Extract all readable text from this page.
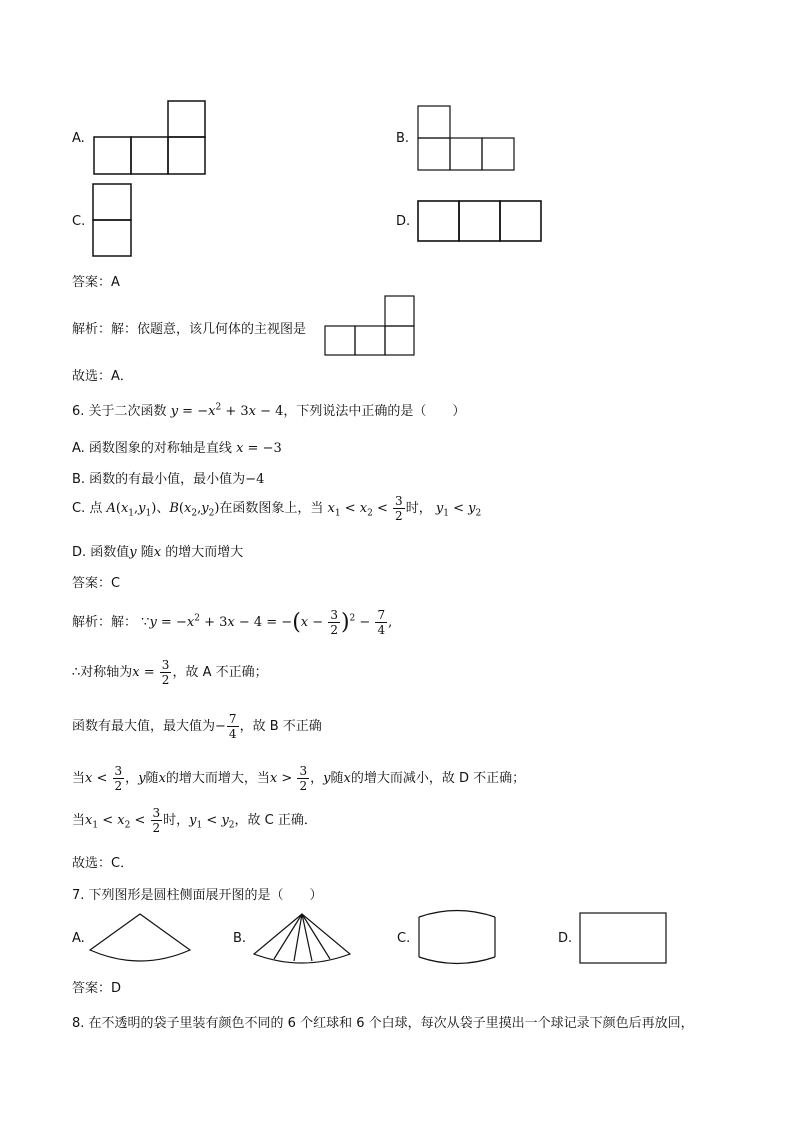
A.	B.
C.	D.
答案：A
解析：解：依题意，该几何体的主视图是
故选：A．
6. 关于二次函数 $y = -x^2 + 3x - 4$，下列说法中正确的是（　　）
A. 函数图象的对称轴是直线 x = −3
B. 函数的有最小值，最小值为−4
C. 点 $A(x_1,y_1)$、$B(x_2,y_2)$在函数图象上，当 $x_1 < x_2 < \frac{3}{2}$ 时， $y_1 < y_2$
D. 函数值y 随x 的增大而增大
答案：C
解析：解： ∵y = $-x^2 + 3x - 4 = -(x - \frac{3}{2} )^2 - \frac{7}{4}$ ,
∴对称轴为$x = \frac{3}{2}$ ，故 A 不正确；
函数有最大值，最大值为− $\frac{7}{4}$ ，故 B 不正确
当$x < \frac{3}{2}$ ，y随x的增大而增大，当$x > \frac{3}{2}$ ，y随x的增大而减小，故 D 不正确；
当$x_1 < x_2 < \frac{3}{2}$ 时，$y_1 < y_2$，故 C 正确．
故选：C．
7. 下列图形是圆柱侧面展开图的是（　　）
A.	B.	C.	D.
答案：D
8. 在不透明的袋子里装有颜色不同的 6 个红球和 6 个白球，每次从袋子里摸出一个球记录下颜色后再放回，
